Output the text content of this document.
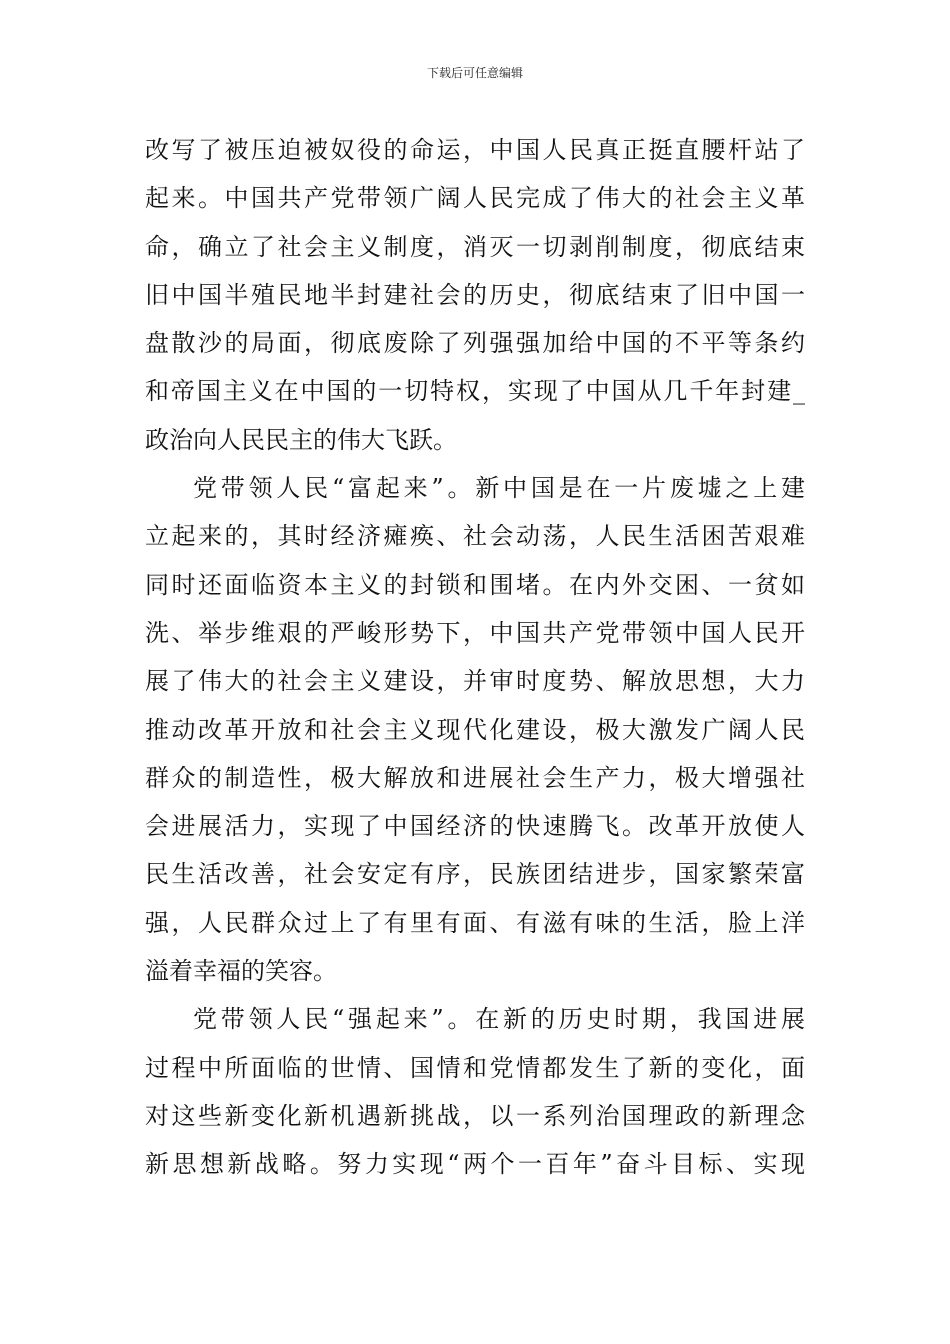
下载后可任意编辑
改写了被压迫被奴役的命运，中国人民真正挺直腰杆站了
起来。中国共产党带领广阔人民完成了伟大的社会主义革
命，确立了社会主义制度，消灭一切剥削制度，彻底结束
旧中国半殖民地半封建社会的历史，彻底结束了旧中国一
盘散沙的局面，彻底废除了列强强加给中国的不平等条约
和帝国主义在中国的一切特权，实现了中国从几千年封建_
政治向人民民主的伟大飞跃。
党带领人民“富起来”。新中国是在一片废墟之上建
立起来的，其时经济瘫痪、社会动荡，人民生活困苦艰难
同时还面临资本主义的封锁和围堵。在内外交困、一贫如
洗、举步维艰的严峻形势下，中国共产党带领中国人民开
展了伟大的社会主义建设，并审时度势、解放思想，大力
推动改革开放和社会主义现代化建设，极大激发广阔人民
群众的制造性，极大解放和进展社会生产力，极大增强社
会进展活力，实现了中国经济的快速腾飞。改革开放使人
民生活改善，社会安定有序，民族团结进步，国家繁荣富
强，人民群众过上了有里有面、有滋有味的生活，脸上洋
溢着幸福的笑容。
党带领人民“强起来”。在新的历史时期，我国进展
过程中所面临的世情、国情和党情都发生了新的变化，面
对这些新变化新机遇新挑战，以一系列治国理政的新理念
新思想新战略。努力实现“两个一百年”奋斗目标、实现
